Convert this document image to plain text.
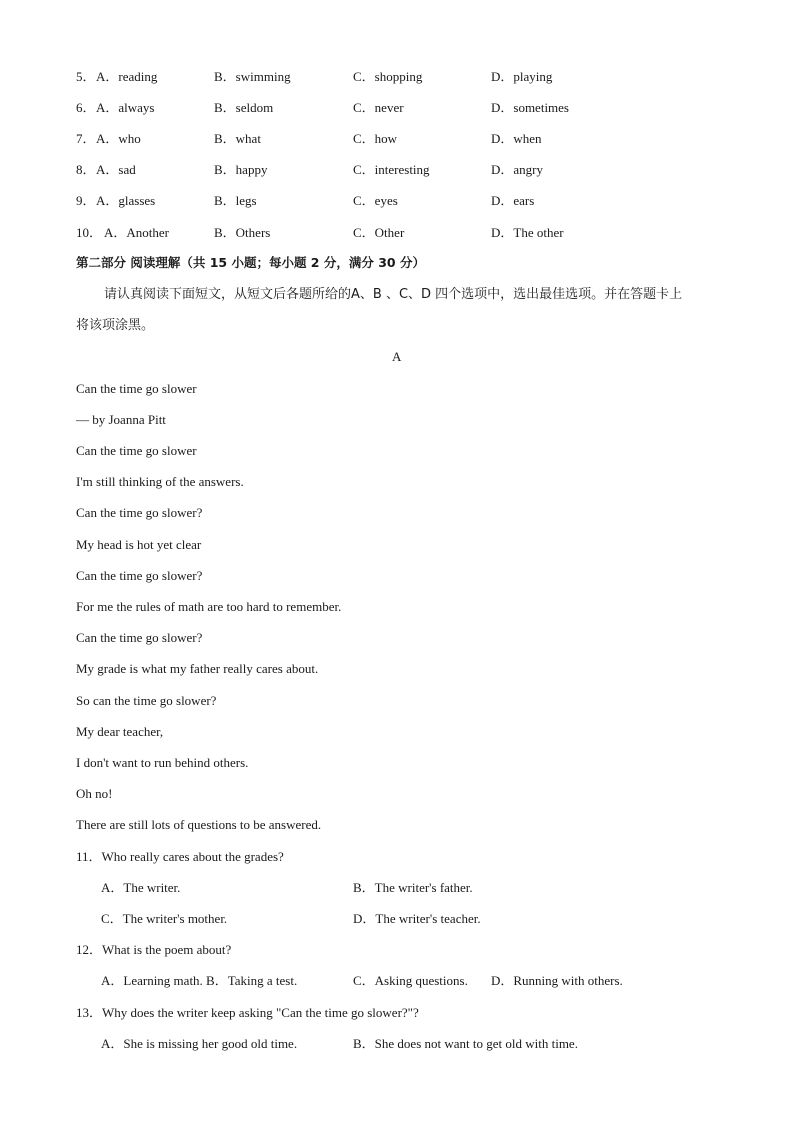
5． A．reading	B．swimming	C．shopping	D．playing
6． A．always	B．seldom	C．never	D．sometimes
7． A．who	B．what	C．how	D．when
8． A．sad	B．happy	C．interesting	D．angry
9． A．glasses	B．legs	C．eyes	D．ears
10． A．Another	B．Others	C．Other	D．The other
第二部分 阅读理解（共 15 小题；每小题 2 分，满分 30 分）
请认真阅读下面短文，从短文后各题所给的A、B 、C、D 四个选项中，选出最佳选项。并在答题卡上
将该项涂黑。
A
Can the time go slower
— by Joanna Pitt
Can the time go slower
I'm still thinking of the answers.
Can the time go slower?
My head is hot yet clear
Can the time go slower?
For me the rules of math are too hard to remember.
Can the time go slower?
My grade is what my father really cares about.
So can the time go slower?
My dear teacher,
I don't want to run behind others.
Oh no!
There are still lots of questions to be answered.
11．Who really cares about the grades?
A．The writer.	B．The writer's father.
C．The writer's mother.	D．The writer's teacher.
12．What is the poem about?
A．Learning math. B．Taking a test.	C．Asking questions. D．Running with others.
13．Why does the writer keep asking "Can the time go slower?"?
A．She is missing her good old time.	B．She does not want to get old with time.
